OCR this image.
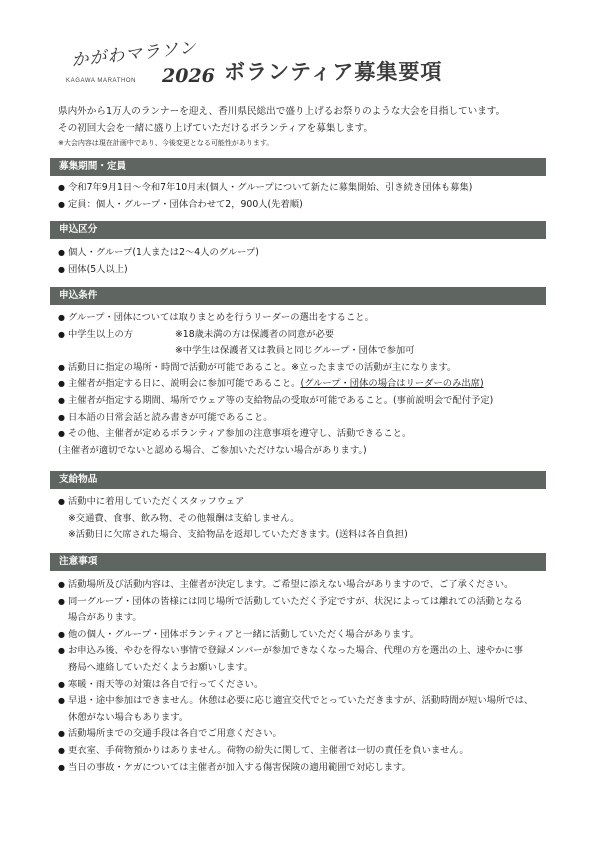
かがわマラソン
KAGAWA MARATHON 2026 ボランティア募集要項
県内外から1万人のランナーを迎え、香川県民総出で盛り上げるお祭りのような大会を目指しています。
その初回大会を一緒に盛り上げていただけるボランティアを募集します。
※大会内容は現在計画中であり、今後変更となる可能性があります。
募集期間・定員
● 令和7年9月1日～令和7年10月末(個人・グループについて新たに募集開始、引き続き団体も募集)
● 定員：個人・グループ・団体合わせて2，900人(先着順)
申込区分
● 個人・グループ(1人または2～4人のグループ)
● 団体(5人以上)
申込条件
● グループ・団体については取りまとめを行うリーダーの選出をすること。
● 中学生以上の方	※18歳未満の方は保護者の同意が必要
※中学生は保護者又は教員と同じグループ・団体で参加可
● 活動日に指定の場所・時間で活動が可能であること。※立ったままでの活動が主になります。
● 主催者が指定する日に、説明会に参加可能であること。(グループ・団体の場合はリーダーのみ出席)
● 主催者が指定する期間、場所でウェア等の支給物品の受取が可能であること。(事前説明会で配付予定)
● 日本語の日常会話と読み書きが可能であること。
● その他、主催者が定めるボランティア参加の注意事項を遵守し、活動できること。
(主催者が適切でないと認める場合、ご参加いただけない場合があります。)
支給物品
● 活動中に着用していただくスタッフウェア
※交通費、食事、飲み物、その他報酬は支給しません。
※活動日に欠席された場合、支給物品を返却していただきます。(送料は各自負担)
注意事項
● 活動場所及び活動内容は、主催者が決定します。ご希望に添えない場合がありますので、ご了承ください。
● 同一グループ・団体の皆様には同じ場所で活動していただく予定ですが、状況によっては離れての活動となる
場合があります。
● 他の個人・グループ・団体ボランティアと一緒に活動していただく場合があります。
● お申込み後、やむを得ない事情で登録メンバーが参加できなくなった場合、代理の方を選出の上、速やかに事
務局へ連絡していただくようお願いします。
● 寒暖・雨天等の対策は各自で行ってください。
● 早退・途中参加はできません。休憩は必要に応じ適宜交代でとっていただきますが、活動時間が短い場所では、
休憩がない場合もあります。
● 活動場所までの交通手段は各自でご用意ください。
● 更衣室、手荷物預かりはありません。荷物の紛失に関して、主催者は一切の責任を負いません。
● 当日の事故・ケガについては主催者が加入する傷害保険の適用範囲で対応します。
